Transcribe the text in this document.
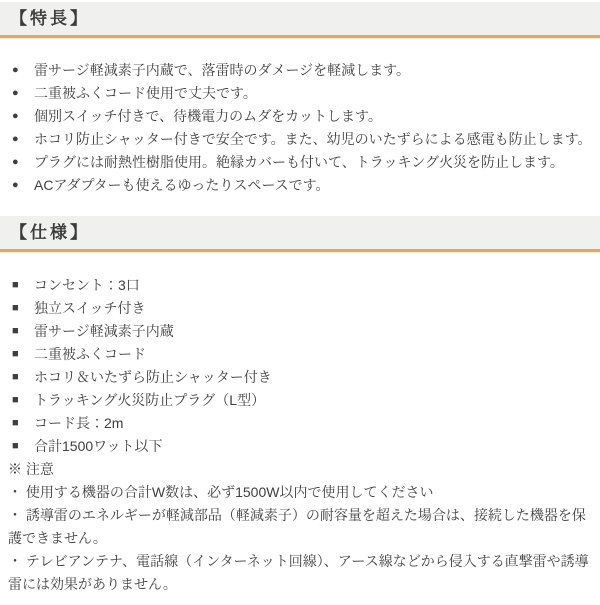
【特長】
●	雷サージ軽減素子内蔵で、落雷時のダメージを軽減します。
●	二重被ふくコード使用で丈夫です。
●	個別スイッチ付きで、待機電力のムダをカットします。
●	ホコリ防止シャッター付きで安全です。また、幼児のいたずらによる感電も防止します。
●	プラグには耐熱性樹脂使用。絶縁カバーも付いて、トラッキング火災を防止します。
●	ACアダプターも使えるゆったりスペースです。
【仕様】
■	コンセント：3口
■	独立スイッチ付き
■	雷サージ軽減素子内蔵
■	二重被ふくコード
■	ホコリ＆いたずら防止シャッター付き
■	トラッキング火災防止プラグ（L型）
■	コード長：2m
■	合計1500ワット以下

※ 注意

・ 使用する機器の合計W数は、必ず1500W以内で使用してください

・ 誘導雷のエネルギーが軽減部品（軽減素子）の耐容量を超えた場合は、接続した機器を保護できません。

・ テレビアンテナ、電話線（インターネット回線）、アース線などから侵入する直撃雷や誘導雷には効果がありません。
